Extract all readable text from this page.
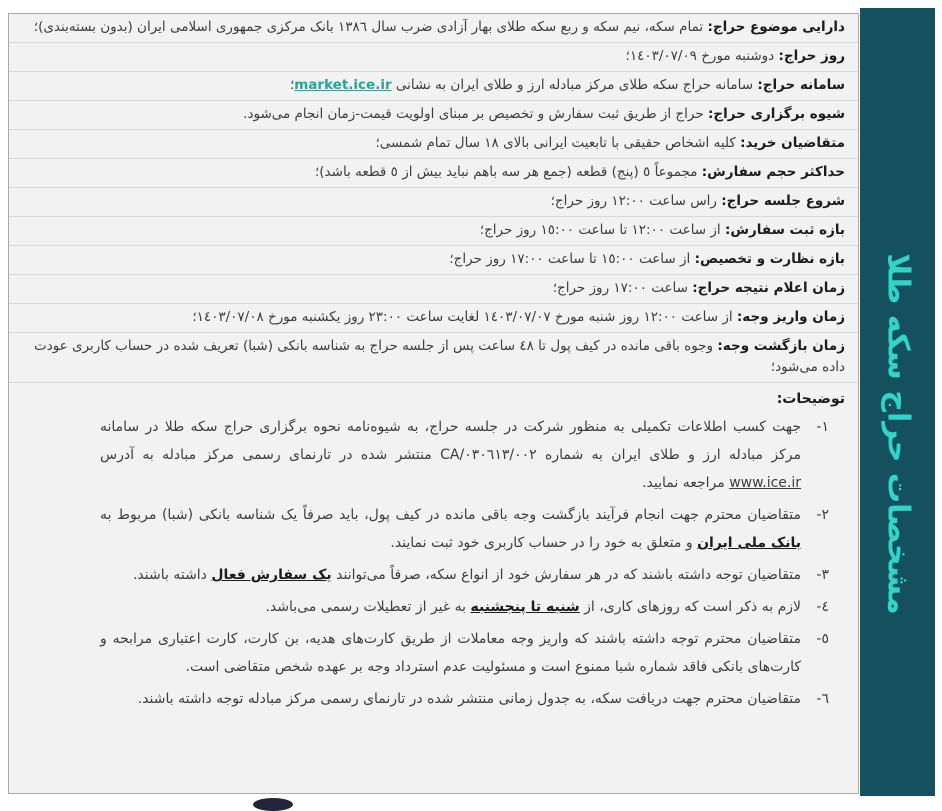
دارایی موضوع حراج: تمام سکه، نیم سکه و ربع سکه طلای بهار آزادی ضرب سال ١٣٨٦ بانک مرکزی جمهوری اسلامی ایران (بدون بسته‌بندی)؛
روز حراج: دوشنبه مورخ ١٤٠٣/٠٧/٠٩؛
سامانه حراج: سامانه حراج سکه طلای مرکز مبادله ارز و طلای ایران به نشانی market.ice.ir؛
شیوه برگزاری حراج: حراج از طریق ثبت سفارش و تخصیص بر مبنای اولویت قیمت-زمان انجام می‌شود.
متقاضیان خرید: کلیه اشخاص حقیقی با تابعیت ایرانی بالای ١٨ سال تمام شمسی؛
حداکثر حجم سفارش: مجموعاً ٥ (پنج) قطعه (جمع هر سه باهم نباید بیش از ٥ قطعه باشد)؛
شروع جلسه حراج: راس ساعت ١٢:٠٠ روز حراج؛
بازه ثبت سفارش: از ساعت ١٢:٠٠ تا ساعت ١٥:٠٠ روز حراج؛
بازه نظارت و تخصیص: از ساعت ١٥:٠٠ تا ساعت ١٧:٠٠ روز حراج؛
زمان اعلام نتیجه حراج: ساعت ١٧:٠٠ روز حراج؛
زمان واریز وجه: از ساعت ١٢:٠٠ روز شنبه مورخ ١٤٠٣/٠٧/٠٧ لغایت ساعت ٢٣:٠٠ روز یکشنبه مورخ ١٤٠٣/٠٧/٠٨؛
زمان بازگشت وجه: وجوه باقی مانده در کیف پول تا ٤٨ ساعت پس از جلسه حراج به شناسه بانکی (شبا) تعریف شده در حساب کاربری عودت داده می‌شود؛
توضیحات:
١-
جهت کسب اطلاعات تکمیلی به منظور شرکت در جلسه حراج، به شیوه‌نامه نحوه برگزاری حراج سکه طلا در سامانه مرکز مبادله ارز و طلای ایران به شماره CA/٠٣٠٦١٣/٠٠٢ منتشر شده در تارنمای رسمی مرکز مبادله به آدرس www.ice.ir مراجعه نمایید.
٢-
متقاضیان محترم جهت انجام فرآیند بازگشت وجه باقی مانده در کیف پول، باید صرفاً یک شناسه بانکی (شبا) مربوط به بانک ملی ایران و متعلق به خود را در حساب کاربری خود ثبت نمایند.
٣-
متقاضیان توجه داشته باشند که در هر سفارش خود از انواع سکه، صرفاً می‌توانند یک سفارش فعال داشته باشند.
٤-
لازم به ذکر است که روزهای کاری، از شنبه تا پنجشنبه به غیر از تعطیلات رسمی می‌باشد.
٥-
متقاضیان محترم توجه داشته باشند که واریز وجه معاملات از طریق کارت‌های هدیه، بن کارت، کارت اعتباری مرابحه و کارت‌های بانکی فاقد شماره شبا ممنوع است و مسئولیت عدم استرداد وجه بر عهده شخص متقاضی است.
٦-
متقاضیان محترم جهت دریافت سکه، به جدول زمانی منتشر شده در تارنمای رسمی مرکز مبادله توجه داشته باشند.
مشخصات حراج سکه طلا
